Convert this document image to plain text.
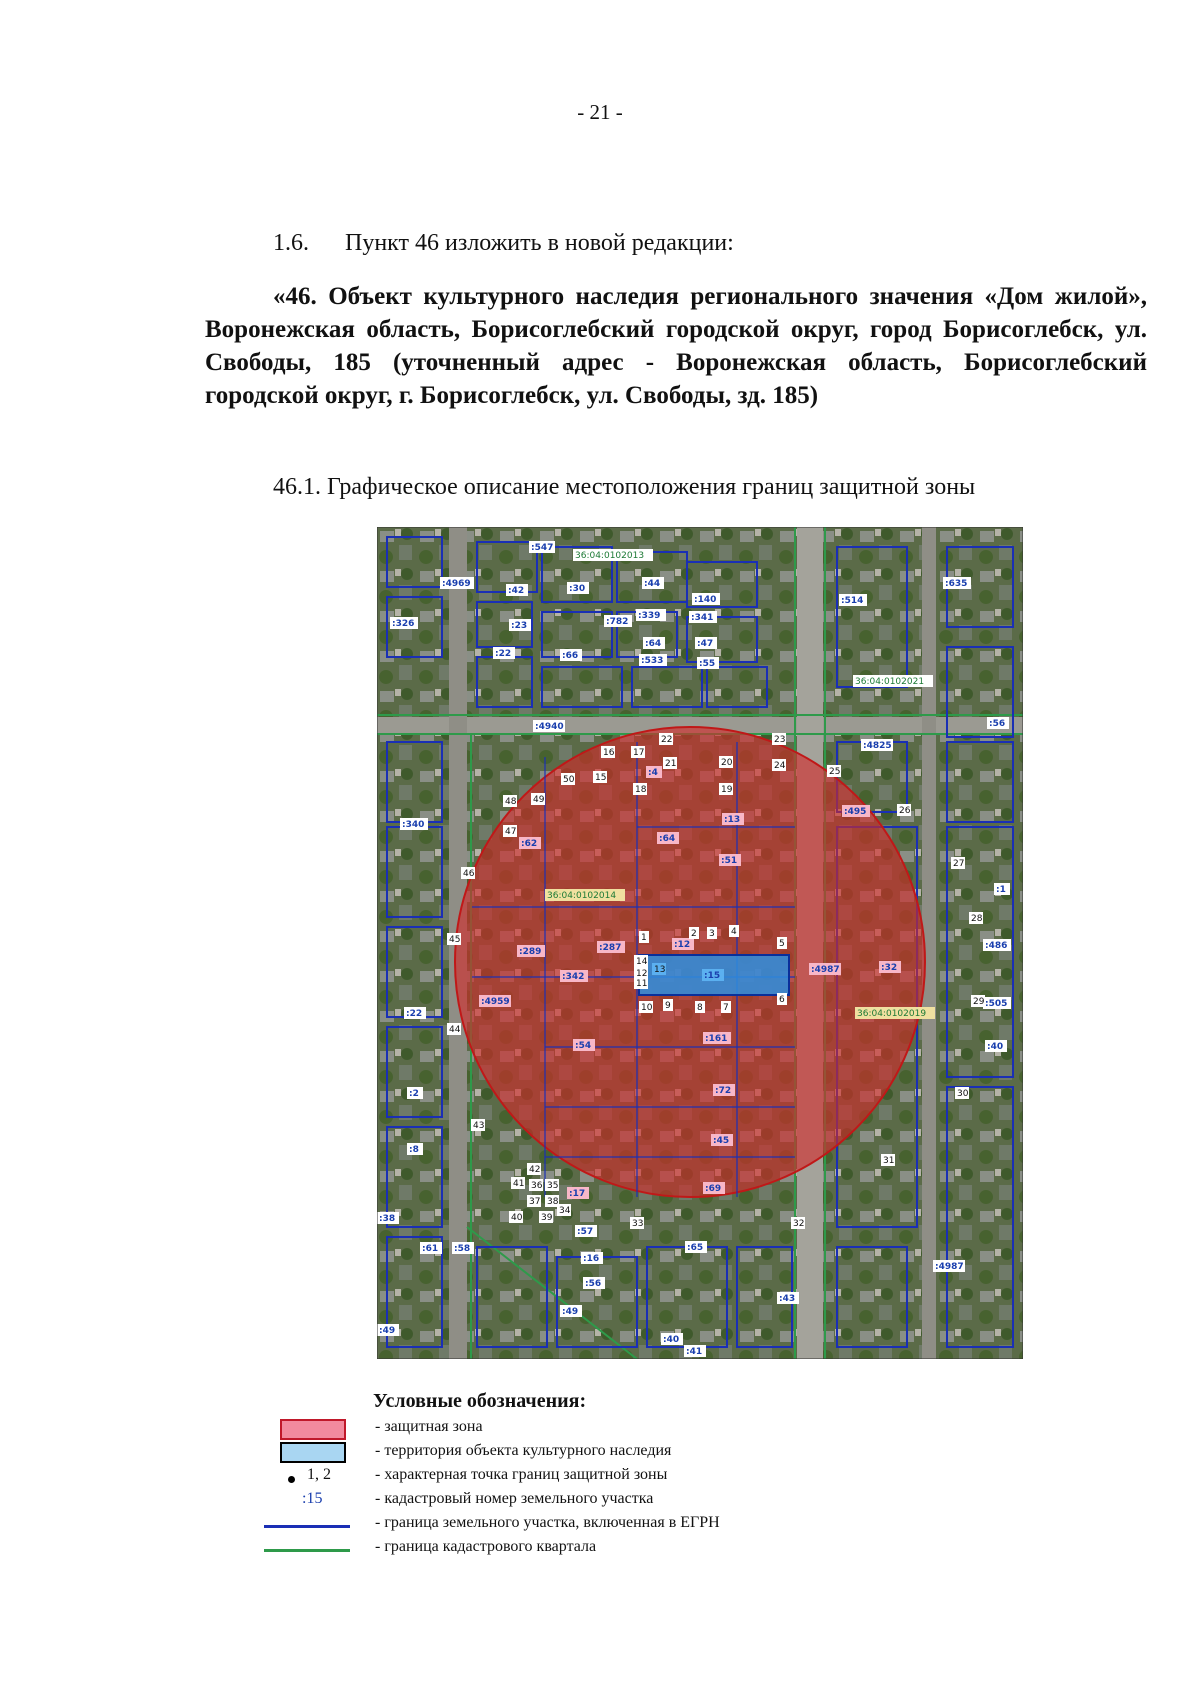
- 21 -
1.6. Пункт 46 изложить в новой редакции:
«46. Объект культурного наследия регионального значения «Дом жилой», Воронежская область, Борисоглебский городской округ, город Борисоглебск, ул. Свободы, 185 (уточненный адрес - Воронежская область, Борисоглебский городской округ, г. Борисоглебск, ул. Свободы, зд. 185)
46.1. Графическое описание местоположения границ защитной зоны
36:04:0102013
36:04:0102021
36:04:0102014
36:04:0102019
:547
:4969
:42	:30	:44
:140
:339
:782	:341
:326	:23
:64	:47
:22	:66	:533	:55
:514
:635
:56
:4940
:4825
:4
:495
:340
:62	:64
:13
:51
:1
:289	:287	:12	:486
:342
:4987	:32
:505
:4959
:22
:15
:54
:161
:40
:2	:72
:45
:8
:17	:69
:38
:61 :58
:57
:65
:16
:4987
:56
:49
:43
:49
:40
:41
1	2 3 4
5
6
7
8
9
10
11
12 13
14
15
16 17
18	19
20
21
22	23
24
25
26
27
28
29
30
31
32
33
34
35
36
37 38
39
40
41
42
43
44
45
46
47
48 49
50
Условные обозначения:
- защитная зона
- территория объекта культурного наследия
1, 2	- характерная точка границ защитной зоны
:15	- кадастровый номер земельного участка
- граница земельного участка, включенная в ЕГРН
- граница кадастрового квартала
